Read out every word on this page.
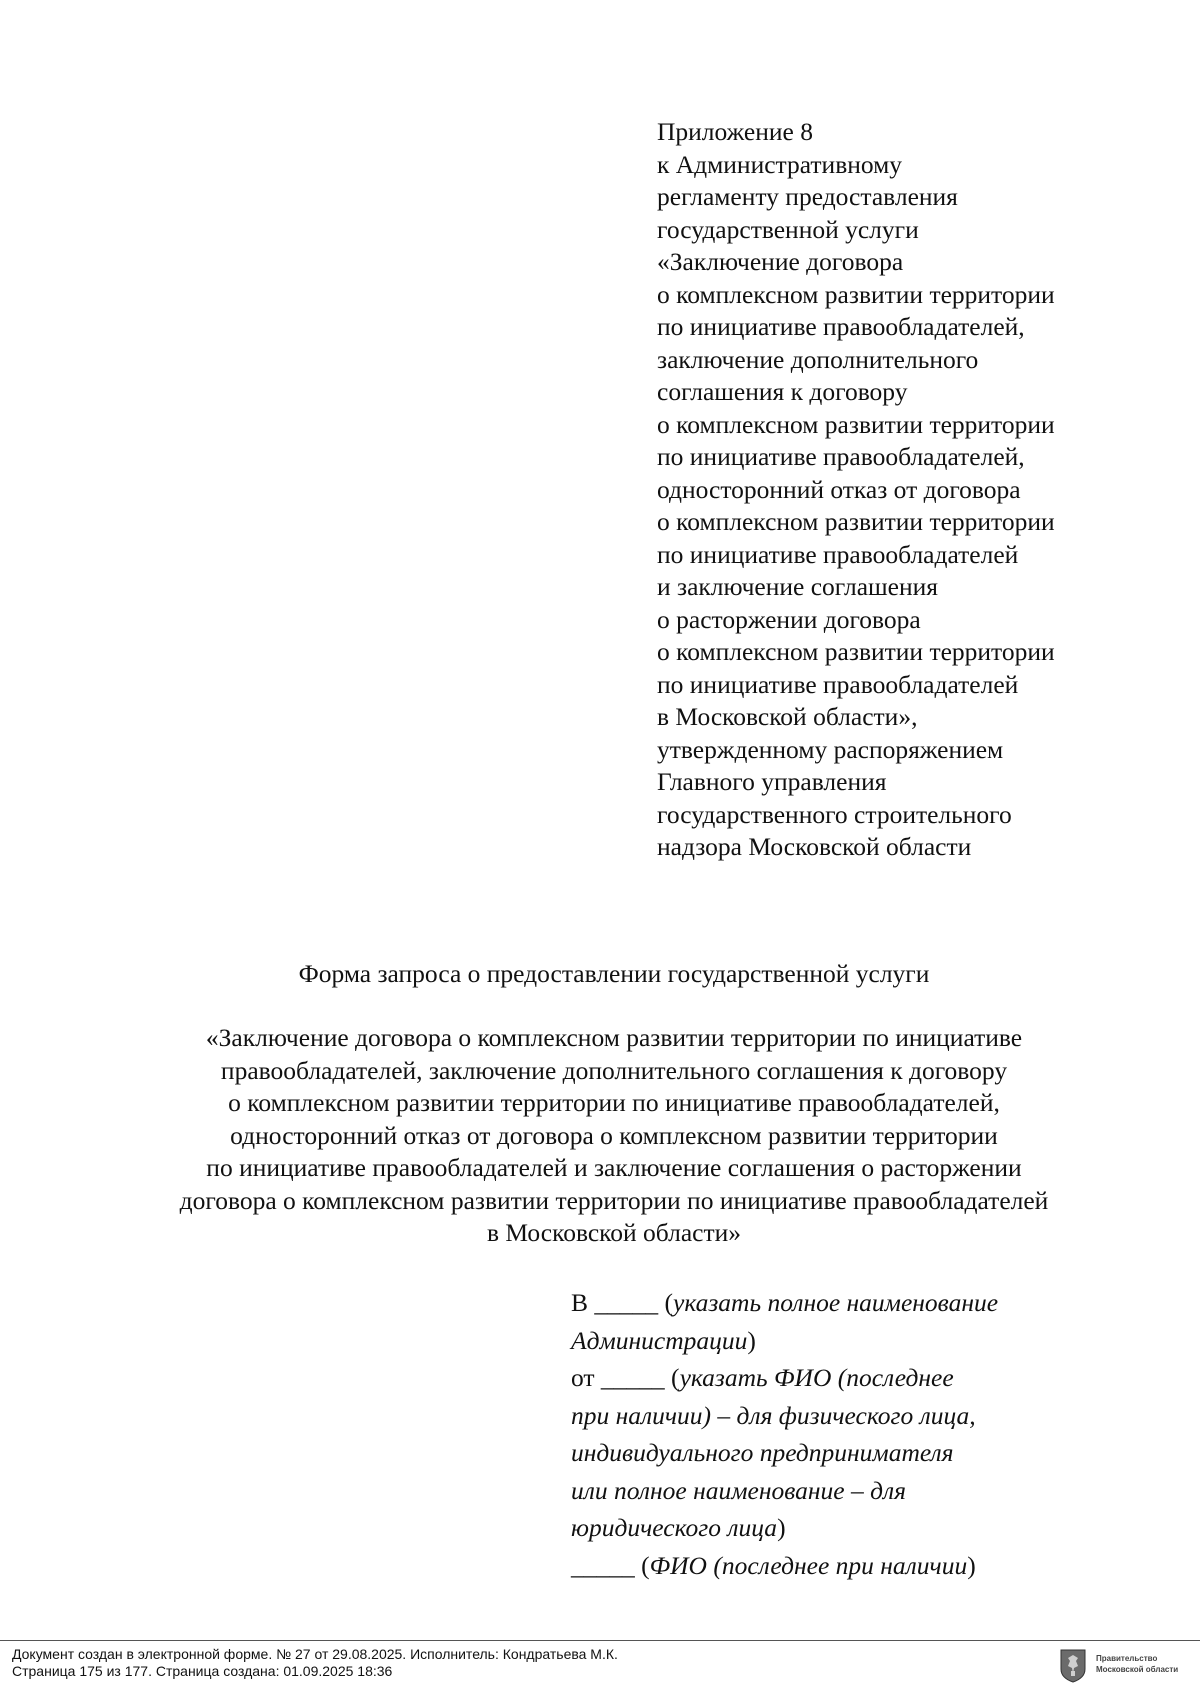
Приложение 8
к Административному
регламенту предоставления
государственной услуги
«Заключение договора
о комплексном развитии территории
по инициативе правообладателей,
заключение дополнительного
соглашения к договору
о комплексном развитии территории
по инициативе правообладателей,
односторонний отказ от договора
о комплексном развитии территории
по инициативе правообладателей
и заключение соглашения
о расторжении договора
о комплексном развитии территории
по инициативе правообладателей
в Московской области»,
утвержденному распоряжением
Главного управления
государственного строительного
надзора Московской области
Форма запроса о предоставлении государственной услуги
«Заключение договора о комплексном развитии территории по инициативе
правообладателей, заключение дополнительного соглашения к договору
о комплексном развитии территории по инициативе правообладателей,
односторонний отказ от договора о комплексном развитии территории
по инициативе правообладателей и заключение соглашения о расторжении
договора о комплексном развитии территории по инициативе правообладателей
в Московской области»
В _____ (указать полное наименование
Администрации)
от _____ (указать ФИО (последнее
при наличии) – для физического лица,
индивидуального предпринимателя
или полное наименование – для
юридического лица)
_____ (ФИО (последнее при наличии)
Документ создан в электронной форме. № 27 от 29.08.2025. Исполнитель: Кондратьева М.К.
Страница 175 из 177. Страница создана: 01.09.2025 18:36
Правительство
Московской области
